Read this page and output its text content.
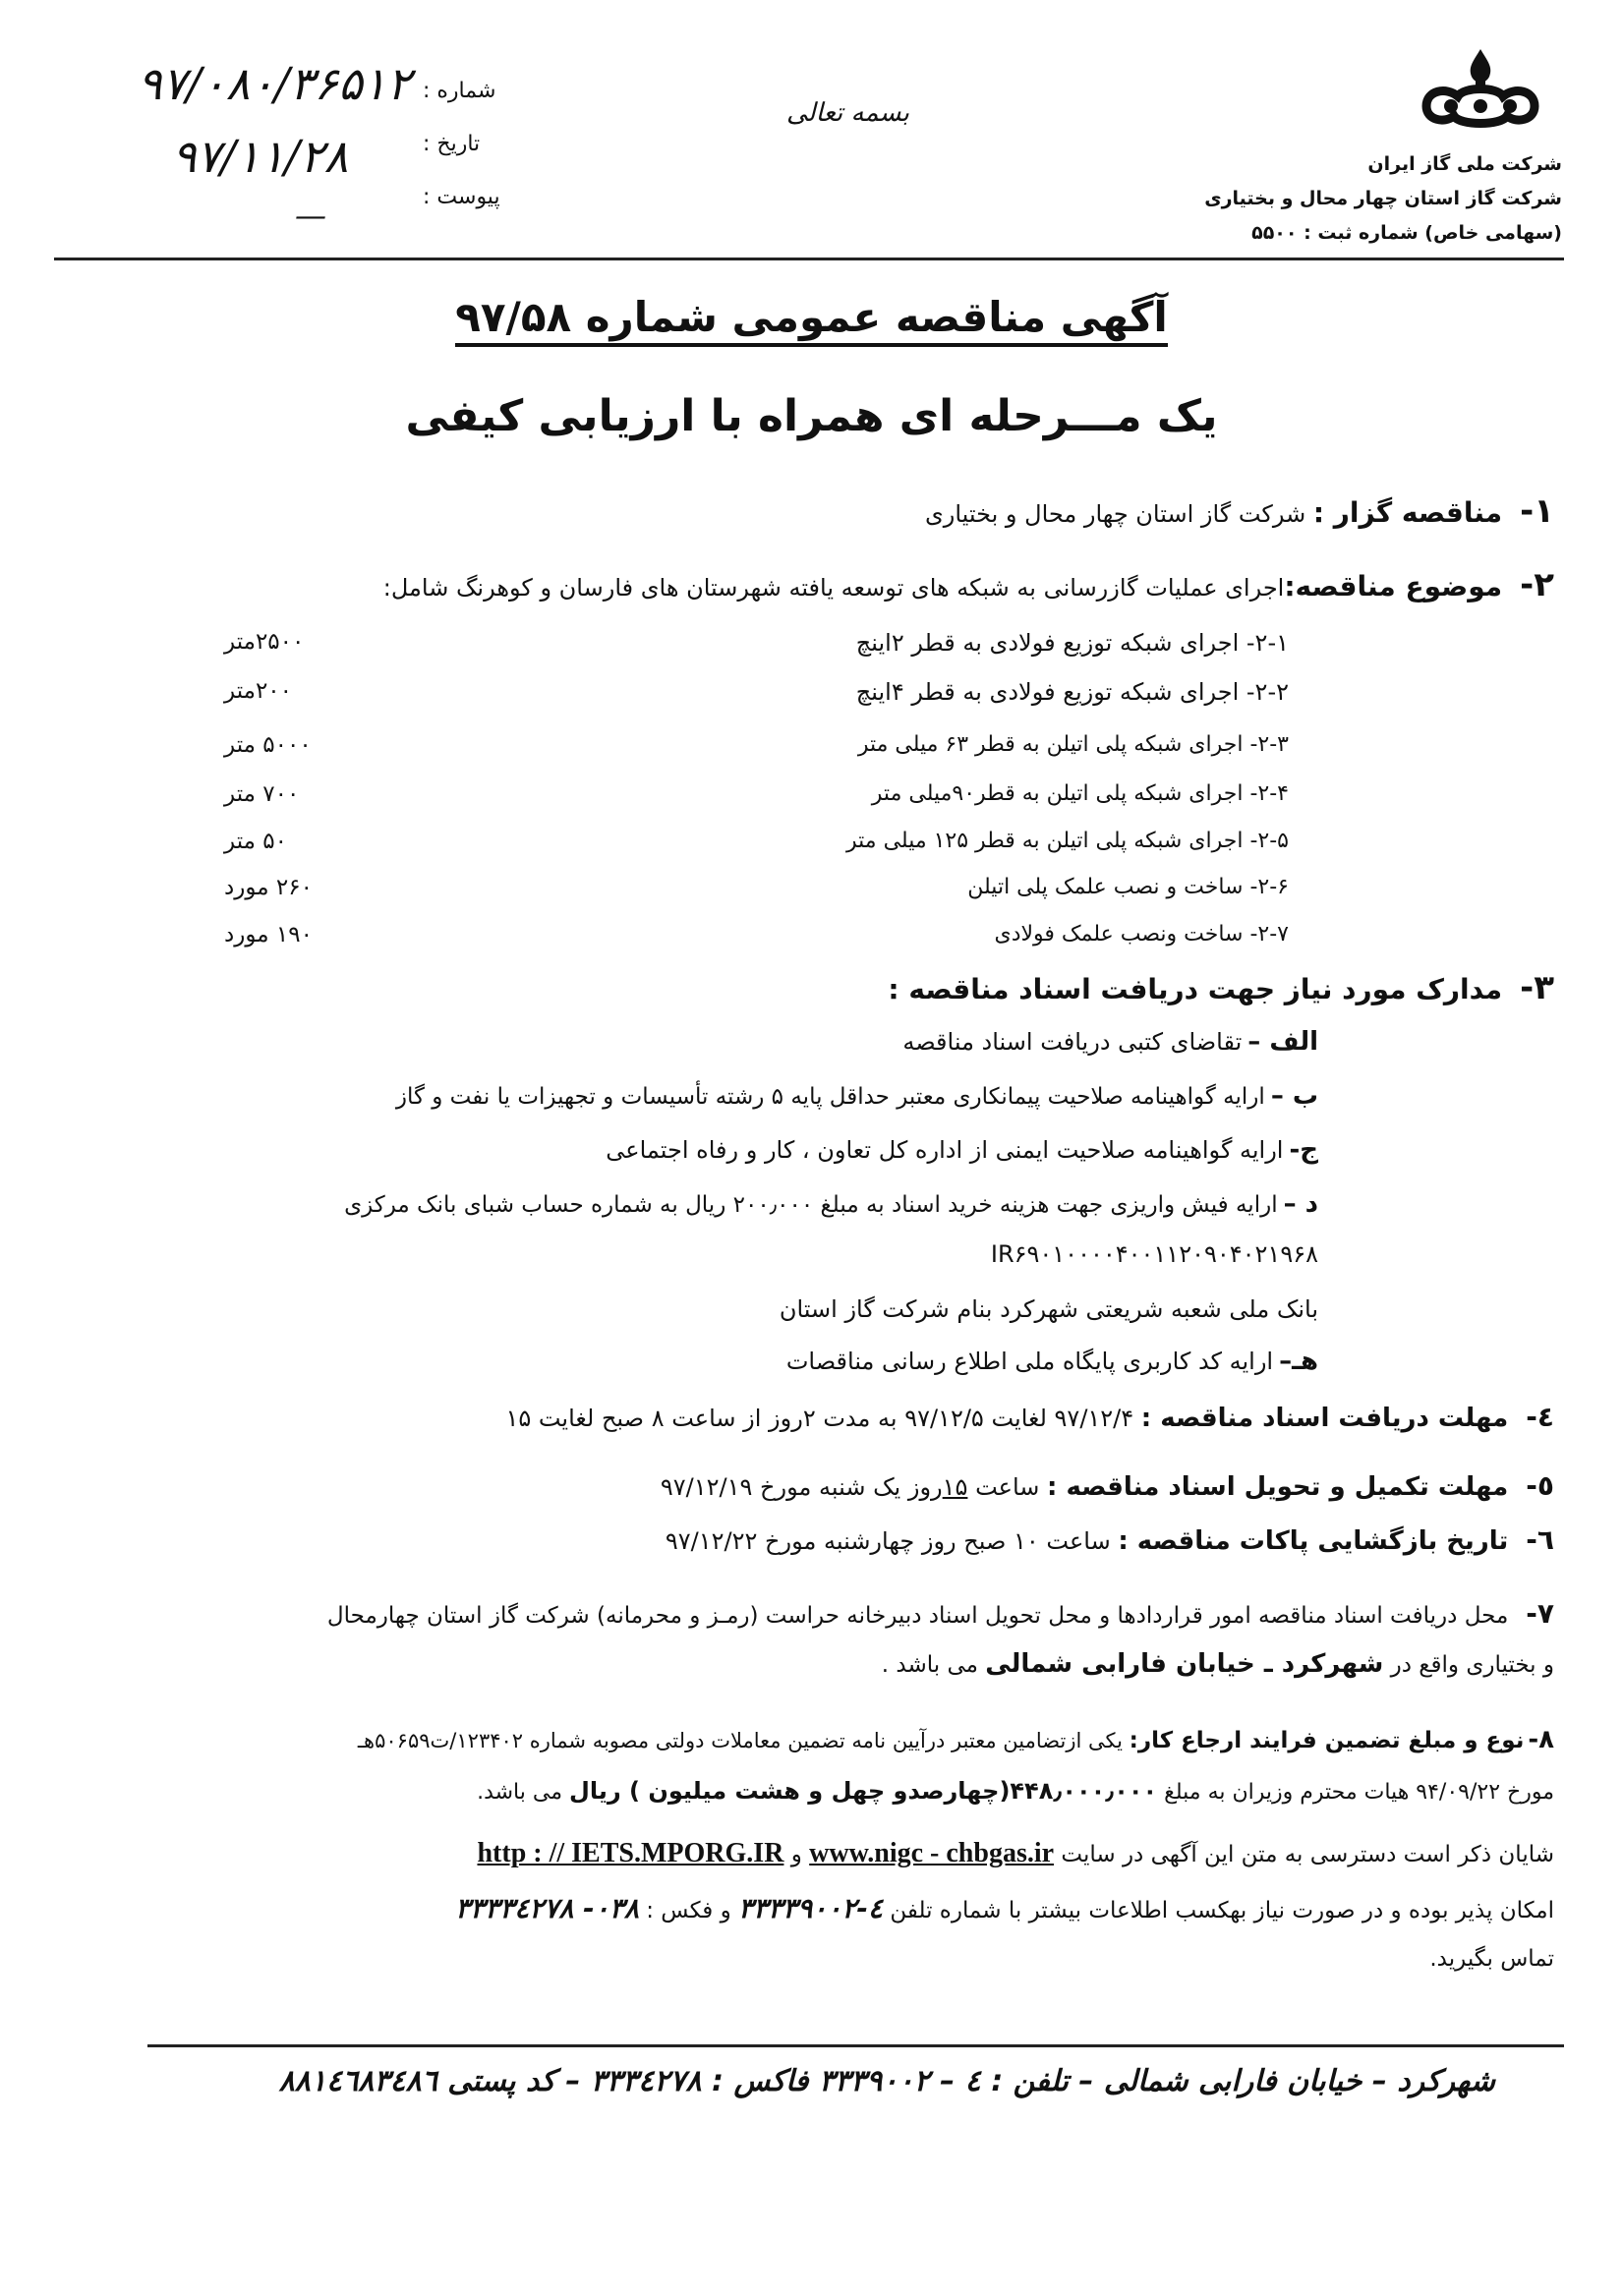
شرکت ملی گاز ایران
شرکت گاز استان چهار محال و بختیاری
(سهامی خاص) شماره ثبت : ۵۵۰۰
بسمه تعالی
شماره :
تاریخ :
پیوست :
۹۷/۰۸۰/۳۶۵۱۲
۹۷/۱۱/۲۸
—
آگهی مناقصه عمومی شماره ۹۷/۵۸
یک مـــرحله ای همراه با ارزیابی کیفی
۱-مناقصه گزار : شرکت گاز استان چهار محال و بختیاری
۲-موضوع مناقصه:اجرای عملیات گازرسانی به شبکه های توسعه یافته شهرستان های فارسان و کوهرنگ شامل:
۲-۱- اجرای شبکه توزیع فولادی به قطر ۲اینچ
۲۵۰۰متر
۲-۲- اجرای شبکه توزیع فولادی به قطر ۴اینچ
۲۰۰متر
۲-۳- اجرای شبکه پلی اتیلن به قطر ۶۳ میلی متر
۵۰۰۰ متر
۲-۴- اجرای شبکه پلی اتیلن به قطر۹۰میلی متر
۷۰۰ متر
۲-۵- اجرای شبکه پلی اتیلن به قطر ۱۲۵ میلی متر
۵۰ متر
۲-۶- ساخت و نصب علمک پلی اتیلن
۲۶۰ مورد
۲-۷- ساخت ونصب علمک فولادی
۱۹۰ مورد
۳-مدارک مورد نیاز جهت دریافت اسناد مناقصه :
الف –تقاضای کتبی دریافت اسناد مناقصه
ب –ارایه گواهینامه صلاحیت پیمانکاری معتبر حداقل پایه ۵ رشته تأسیسات و تجهیزات یا نفت و گاز
ج-ارایه گواهینامه صلاحیت ایمنی از اداره کل تعاون ، کار و رفاه اجتماعی
د –ارایه فیش واریزی جهت هزینه خرید اسناد به مبلغ ۲۰۰٫۰۰۰ ریال به شماره حساب شبای بانک مرکزی
IR۶۹۰۱۰۰۰۰۴۰۰۱۱۲۰۹۰۴۰۲۱۹۶۸
بانک ملی شعبه شریعتی شهرکرد بنام شرکت گاز استان
هـ–ارایه کد کاربری پایگاه ملی اطلاع رسانی مناقصات
٤-مهلت دریافت اسناد مناقصه : ۹۷/۱۲/۴ لغایت ۹۷/۱۲/۵ به مدت ۲روز از ساعت ۸ صبح لغایت ۱۵
٥-مهلت تکمیل و تحویل اسناد مناقصه : ساعت ۱۵روز یک شنبه مورخ ۹۷/۱۲/۱۹
٦-تاریخ بازگشایی پاکات مناقصه : ساعت ۱۰ صبح روز چهارشنبه مورخ ۹۷/۱۲/۲۲
۷-محل دریافت اسناد مناقصه امور قراردادها و محل تحویل اسناد دبیرخانه حراست (رمـز و محرمانه) شرکت گاز استان چهارمحال
و بختیاری واقع در شهرکرد ـ خیابان فارابی شمالی می باشد .
۸-نوع و مبلغ تضمین فرایند ارجاع کار: یکی ازتضامین معتبر درآیین نامه تضمین معاملات دولتی مصوبه شماره ۱۲۳۴۰۲/ت۵۰۶۵۹هـ
مورخ ۹۴/۰۹/۲۲ هیات محترم وزیران به مبلغ ۴۴۸٫۰۰۰٫۰۰۰(چهارصدو چهل و هشت میلیون ) ریال می باشد.
شایان ذکر است دسترسی به متن این آگهی در سایت www.nigc - chbgas.ir و http : // IETS.MPORG.IR
امکان پذیر بوده و در صورت نیاز بهکسب اطلاعات بیشتر با شماره تلفن ٤-۳۳۳۳۹۰۰۲ و فکس : ۰۳۸- ۳۳۳۳٤۲۷۸
تماس بگیرید.
شهرکرد – خیابان فارابی شمالی – تلفن : ٤ – ۳۳۳۹۰۰۲ فاکس : ۳۳۳٤۲۷۸ – کد پستی ۸۸۱٤٦۸۳٤۸٦
